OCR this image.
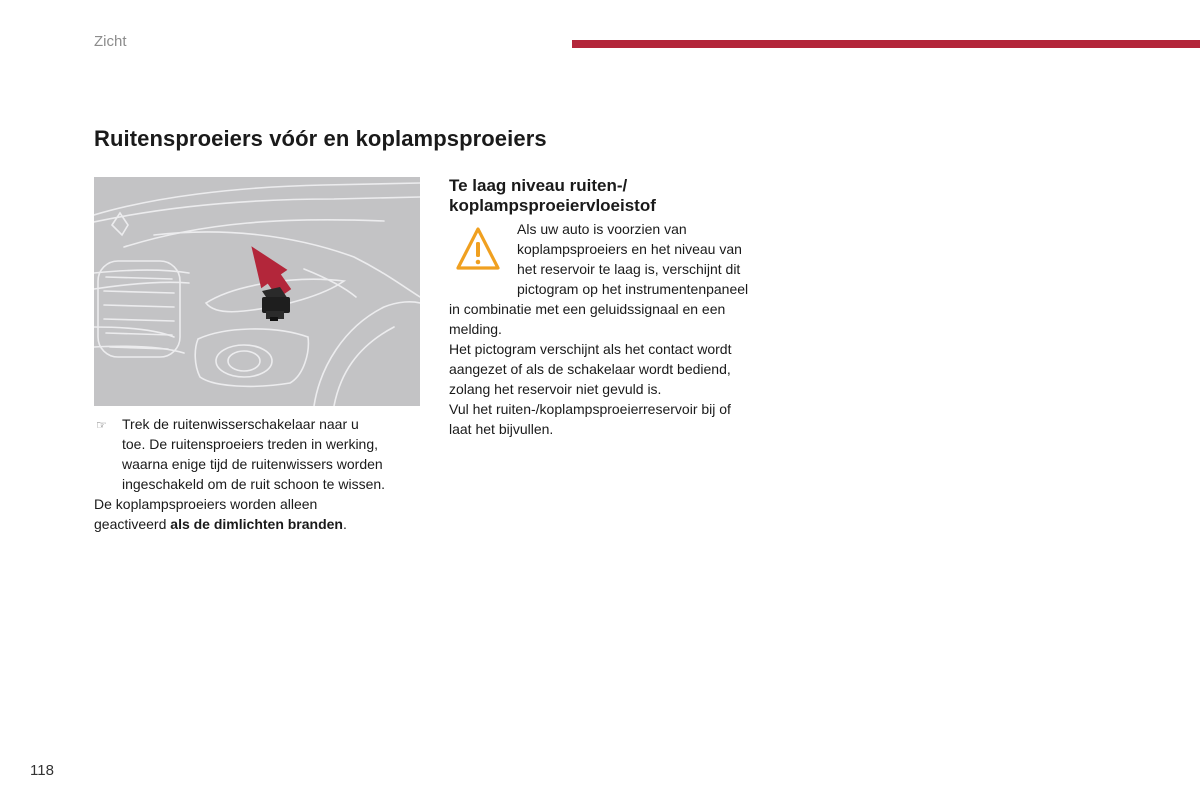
Zicht
Ruitensproeiers vóór en koplampsproeiers
☞ Trek de ruitenwisserschakelaar naar u
toe. De ruitensproeiers treden in werking,
waarna enige tijd de ruitenwissers worden
ingeschakeld om de ruit schoon te wissen.
De koplampsproeiers worden alleen
geactiveerd als de dimlichten branden.
Te laag niveau ruiten-/
koplampsproeiervloeistof
Als uw auto is voorzien van
koplampsproeiers en het niveau van
het reservoir te laag is, verschijnt dit
pictogram op het instrumentenpaneel
in combinatie met een geluidssignaal en een
melding.
Het pictogram verschijnt als het contact wordt
aangezet of als de schakelaar wordt bediend,
zolang het reservoir niet gevuld is.
Vul het ruiten-/koplampsproeierreservoir bij of
laat het bijvullen.
118
